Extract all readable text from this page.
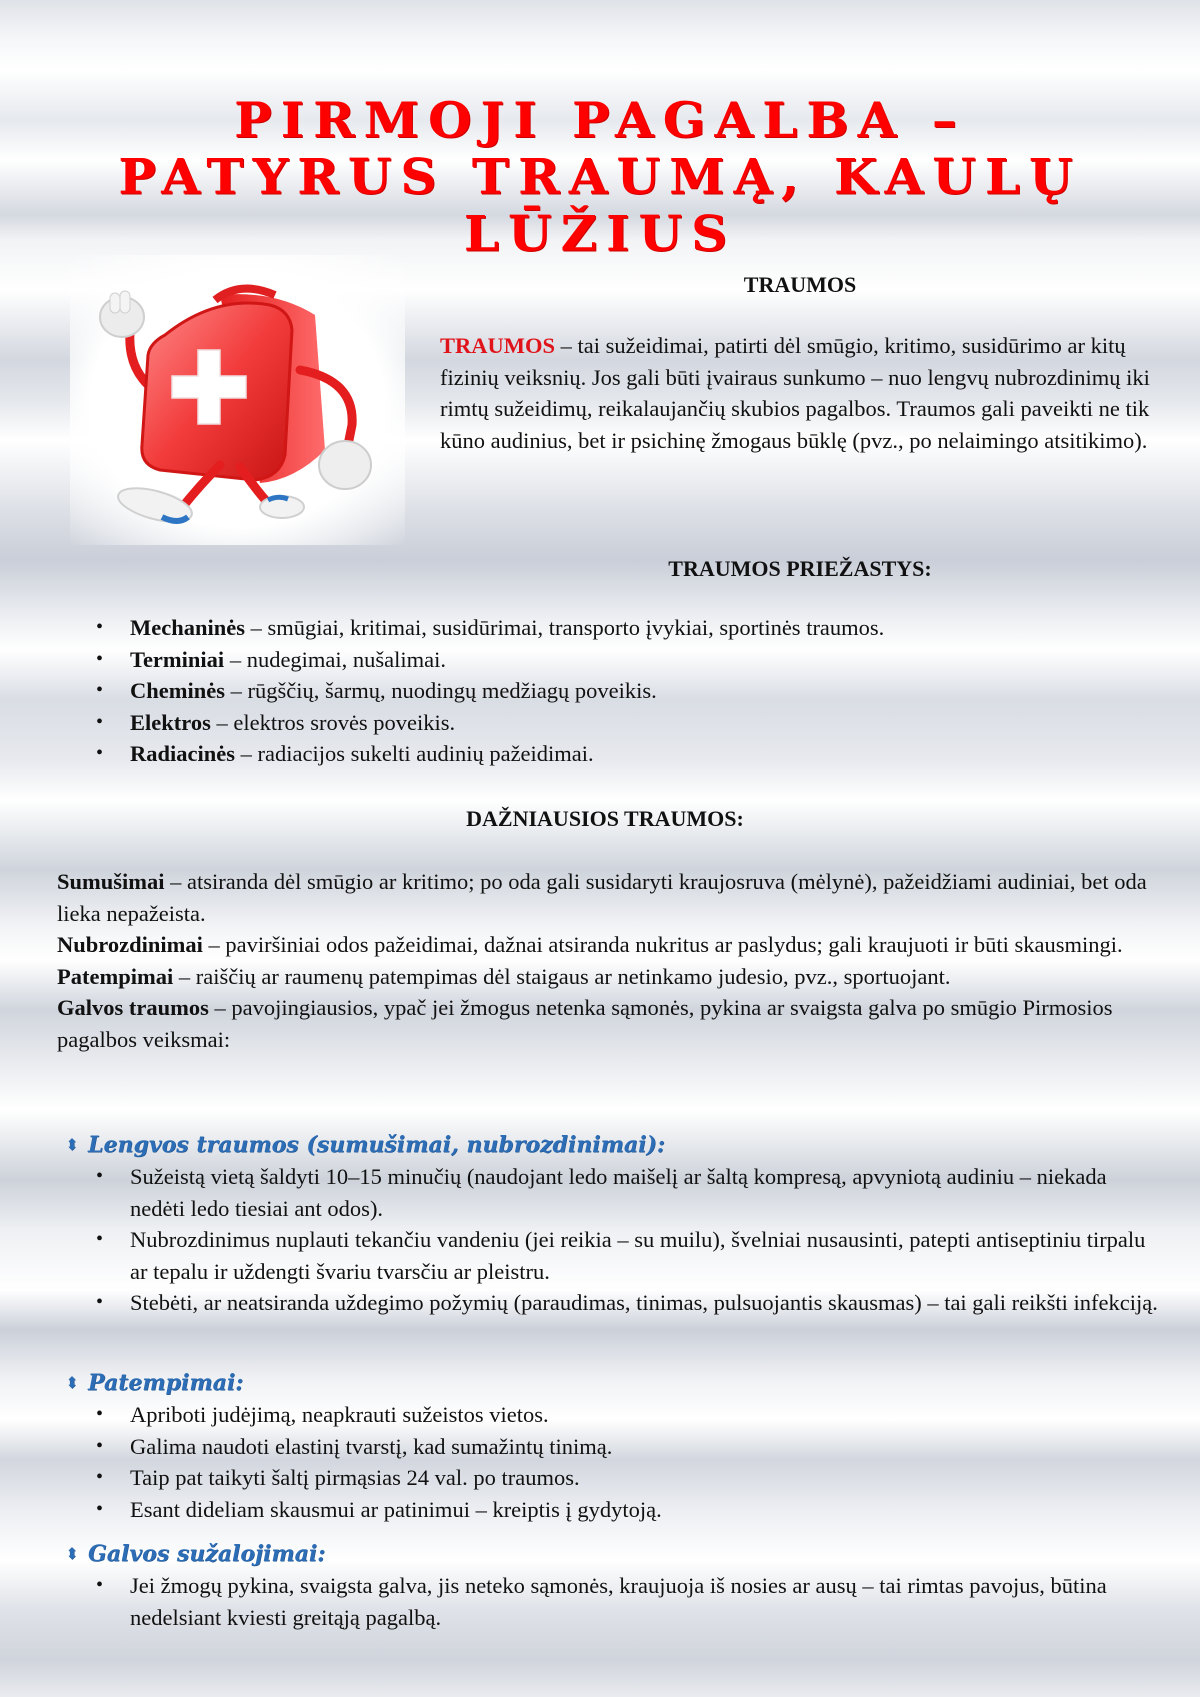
PIRMOJI PAGALBA –
PATYRUS TRAUMĄ, KAULŲ
LŪŽIUS
TRAUMOS

TRAUMOS – tai sužeidimai, patirti dėl smūgio, kritimo, susidūrimo ar kitų fizinių veiksnių. Jos gali būti įvairaus sunkumo – nuo lengvų nubrozdinimų iki rimtų sužeidimų, reikalaujančių skubios pagalbos. Traumos gali paveikti ne tik kūno audinius, bet ir psichinę žmogaus būklę (pvz., po nelaimingo atsitikimo).

TRAUMOS PRIEŽASTYS:
• Mechaninės – smūgiai, kritimai, susidūrimai, transporto įvykiai, sportinės traumos.
• Terminiai – nudegimai, nušalimai.
• Cheminės – rūgščių, šarmų, nuodingų medžiagų poveikis.
• Elektros – elektros srovės poveikis.
• Radiacinės – radiacijos sukelti audinių pažeidimai.
DAŽNIAUSIOS TRAUMOS:

Sumušimai – atsiranda dėl smūgio ar kritimo; po oda gali susidaryti kraujosruva (mėlynė), pažeidžiami audiniai, bet oda lieka nepažeista.

Nubrozdinimai – paviršiniai odos pažeidimai, dažnai atsiranda nukritus ar paslydus; gali kraujuoti ir būti skausmingi.

Patempimai – raiščių ar raumenų patempimas dėl staigaus ar netinkamo judesio, pvz., sportuojant.

Galvos traumos – pavojingiausios, ypač jei žmogus netenka sąmonės, pykina ar svaigsta galva po smūgio Pirmosios pagalbos veiksmai:

⬍ Lengvos traumos (sumušimai, nubrozdinimai):
• Sužeistą vietą šaldyti 10–15 minučių (naudojant ledo maišelį ar šaltą kompresą, apvyniotą audiniu – niekada nedėti ledo tiesiai ant odos).
• Nubrozdinimus nuplauti tekančiu vandeniu (jei reikia – su muilu), švelniai nusausinti, patepti antiseptiniu tirpalu ar tepalu ir uždengti švariu tvarsčiu ar pleistru.
• Stebėti, ar neatsiranda uždegimo požymių (paraudimas, tinimas, pulsuojantis skausmas) – tai gali reikšti infekciją.
⬍ Patempimai:
• Apriboti judėjimą, neapkrauti sužeistos vietos.
• Galima naudoti elastinį tvarstį, kad sumažintų tinimą.
• Taip pat taikyti šaltį pirmąsias 24 val. po traumos.
• Esant dideliam skausmui ar patinimui – kreiptis į gydytoją.
⬍ Galvos sužalojimai:
• Jei žmogų pykina, svaigsta galva, jis neteko sąmonės, kraujuoja iš nosies ar ausų – tai rimtas pavojus, būtina nedelsiant kviesti greitąją pagalbą.
